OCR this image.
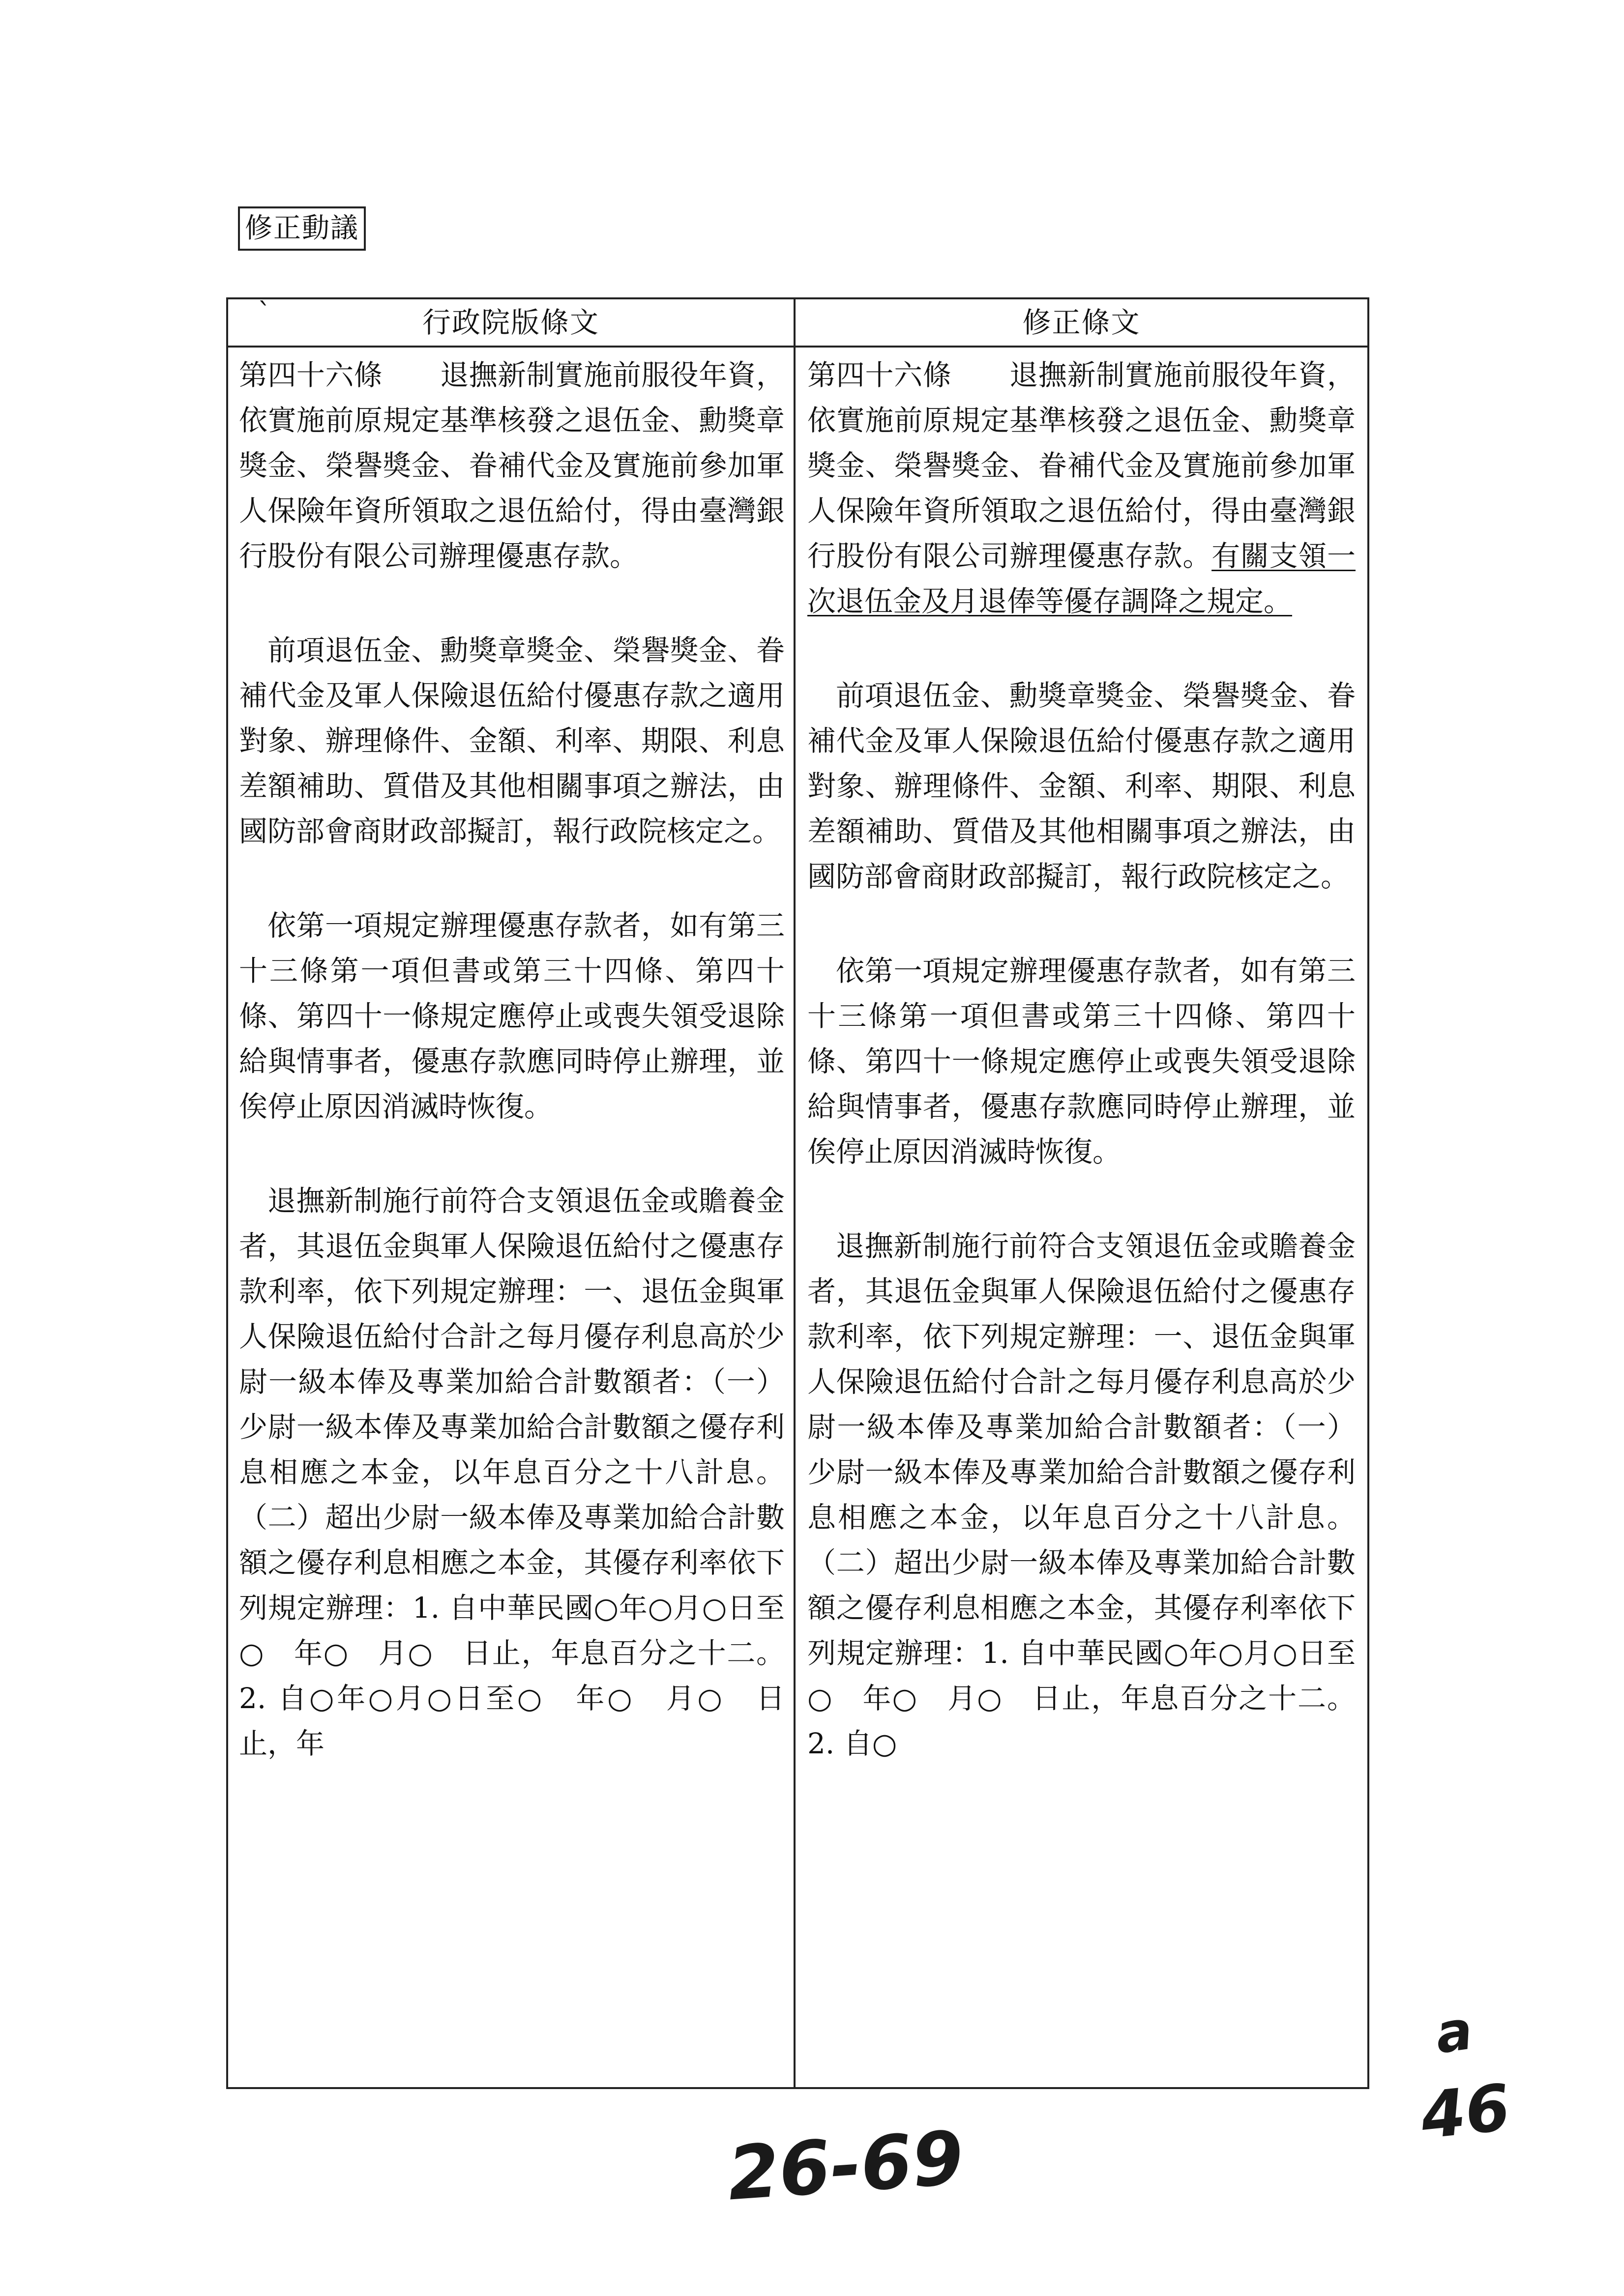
修正動議
`	行政院版條文	修正條文

第四十六條　　退撫新制實施前服役年資，依實施前原規定基準核發之退伍金、勳獎章獎金、榮譽獎金、眷補代金及實施前參加軍人保險年資所領取之退伍給付，得由臺灣銀行股份有限公司辦理優惠存款。

前項退伍金、勳獎章獎金、榮譽獎金、眷補代金及軍人保險退伍給付優惠存款之適用對象、辦理條件、金額、利率、期限、利息差額補助、質借及其他相關事項之辦法，由國防部會商財政部擬訂，報行政院核定之。

依第一項規定辦理優惠存款者，如有第三十三條第一項但書或第三十四條、第四十條、第四十一條規定應停止或喪失領受退除給與情事者，優惠存款應同時停止辦理，並俟停止原因消滅時恢復。

退撫新制施行前符合支領退伍金或贍養金者，其退伍金與軍人保險退伍給付之優惠存款利率，依下列規定辦理：一、退伍金與軍人保險退伍給付合計之每月優存利息高於少尉一級本俸及專業加給合計數額者：（一）少尉一級本俸及專業加給合計數額之優存利息相應之本金，以年息百分之十八計息。（二）超出少尉一級本俸及專業加給合計數額之優存利息相應之本金，其優存利率依下列規定辦理：1. 自中華民國○年○月○日至○　年○　月○　日止，年息百分之十二。2. 自○年○月○日至○　年○　月○　日止，年

第四十六條　　退撫新制實施前服役年資，依實施前原規定基準核發之退伍金、勳獎章獎金、榮譽獎金、眷補代金及實施前參加軍人保險年資所領取之退伍給付，得由臺灣銀行股份有限公司辦理優惠存款。有關支領一次退伍金及月退俸等優存調降之規定。

前項退伍金、勳獎章獎金、榮譽獎金、眷補代金及軍人保險退伍給付優惠存款之適用對象、辦理條件、金額、利率、期限、利息差額補助、質借及其他相關事項之辦法，由國防部會商財政部擬訂，報行政院核定之。

依第一項規定辦理優惠存款者，如有第三十三條第一項但書或第三十四條、第四十條、第四十一條規定應停止或喪失領受退除給與情事者，優惠存款應同時停止辦理，並俟停止原因消滅時恢復。

退撫新制施行前符合支領退伍金或贍養金者，其退伍金與軍人保險退伍給付之優惠存款利率，依下列規定辦理：一、退伍金與軍人保險退伍給付合計之每月優存利息高於少尉一級本俸及專業加給合計數額者：（一）少尉一級本俸及專業加給合計數額之優存利息相應之本金，以年息百分之十八計息。（二）超出少尉一級本俸及專業加給合計數額之優存利息相應之本金，其優存利率依下列規定辦理：1. 自中華民國○年○月○日至○　年○　月○　日止，年息百分之十二。2. 自○

26-69
a
46
